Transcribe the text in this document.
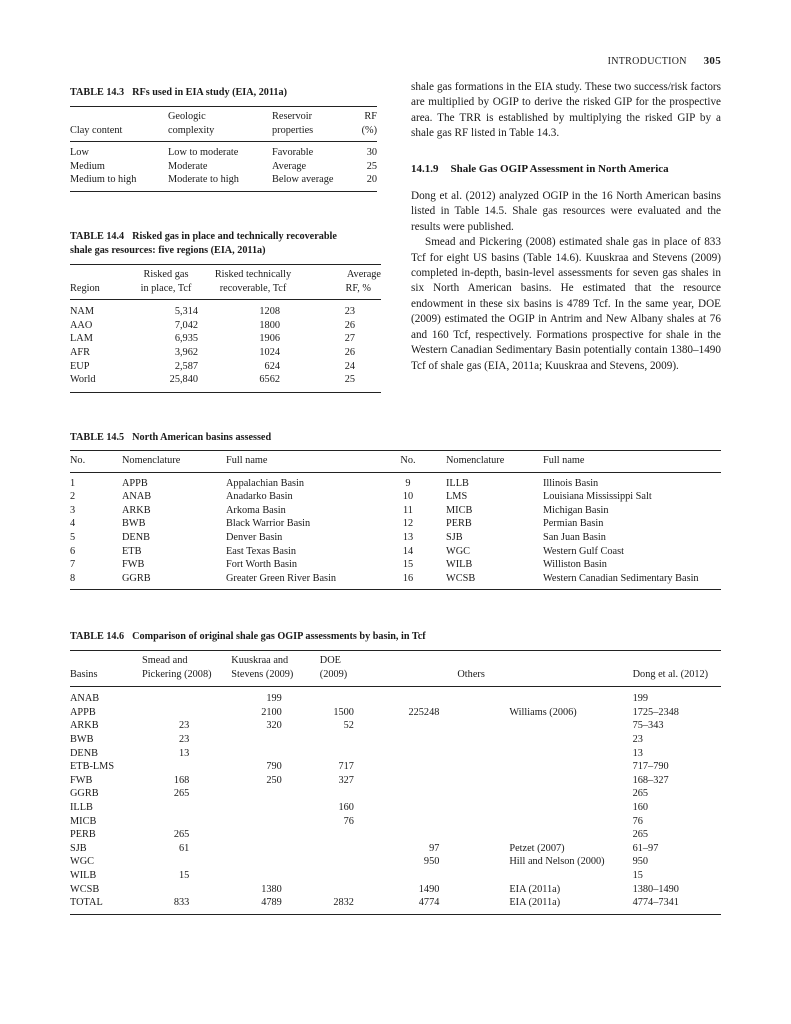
INTRODUCTION 305
TABLE 14.3 RFs used in EIA study (EIA, 2011a)
	Geologic	Reservoir	RF
Clay content	complexity	properties	(%)
Low	Low to moderate	Favorable	30
Medium	Moderate	Average	25
Medium to high	Moderate to high	Below average	20
TABLE 14.4 Risked gas in place and technically recoverable
shale gas resources: five regions (EIA, 2011a)
	Risked gas	Risked technically	Average
Region	in place, Tcf	recoverable, Tcf	RF, %
NAM	5,314	1208	23
AAO	7,042	1800	26
LAM	6,935	1906	27
AFR	3,962	1024	26
EUP	2,587	624	24
World	25,840	6562	25

shale gas formations in the EIA study. These two success/risk factors are multiplied by OGIP to derive the risked GIP for the prospective area. The TRR is established by multiplying the risked GIP by a shale gas RF listed in Table 14.3.

14.1.9 Shale Gas OGIP Assessment in North America

Dong et al. (2012) analyzed OGIP in the 16 North American basins listed in Table 14.5. Shale gas resources were evaluated and the results were published.

Smead and Pickering (2008) estimated shale gas in place of 833 Tcf for eight US basins (Table 14.6). Kuuskraa and Stevens (2009) completed in-depth, basin-level assessments for seven gas shales in six North American basins. He estimated that the resource endowment in these six basins is 4789 Tcf. In the same year, DOE (2009) estimated the OGIP in Antrim and New Albany shales at 76 and 160 Tcf, respectively. Formations prospective for shale in the Western Canadian Sedimentary Basin potentially contain 1380–1490 Tcf of shale gas (EIA, 2011a; Kuuskraa and Stevens, 2009).

TABLE 14.5 North American basins assessed
No.	Nomenclature	Full name	No.	Nomenclature	Full name
1	APPB	Appalachian Basin	9	ILLB	Illinois Basin
2	ANAB	Anadarko Basin	10	LMS	Louisiana Mississippi Salt
3	ARKB	Arkoma Basin	11	MICB	Michigan Basin
4	BWB	Black Warrior Basin	12	PERB	Permian Basin
5	DENB	Denver Basin	13	SJB	San Juan Basin
6	ETB	East Texas Basin	14	WGC	Western Gulf Coast
7	FWB	Fort Worth Basin	15	WILB	Williston Basin
8	GGRB	Greater Green River Basin	16	WCSB	Western Canadian Sedimentary Basin
TABLE 14.6 Comparison of original shale gas OGIP assessments by basin, in Tcf
	Smead and	Kuuskraa and	DOE			
Basins	Pickering (2008)	Stevens (2009)	(2009)		Others	Dong et al. (2012)
ANAB		199				199
APPB		2100	1500	225248	Williams (2006)	1725–2348
ARKB	23	320	52			75–343
BWB	23					23
DENB	13					13
ETB-LMS		790	717			717–790
FWB	168	250	327			168–327
GGRB	265					265
ILLB			160			160
MICB			76			76
PERB	265					265
SJB	61			97	Petzet (2007)	61–97
WGC				950	Hill and Nelson (2000)	950
WILB	15					15
WCSB		1380		1490	EIA (2011a)	1380–1490
TOTAL	833	4789	2832	4774	EIA (2011a)	4774–7341
